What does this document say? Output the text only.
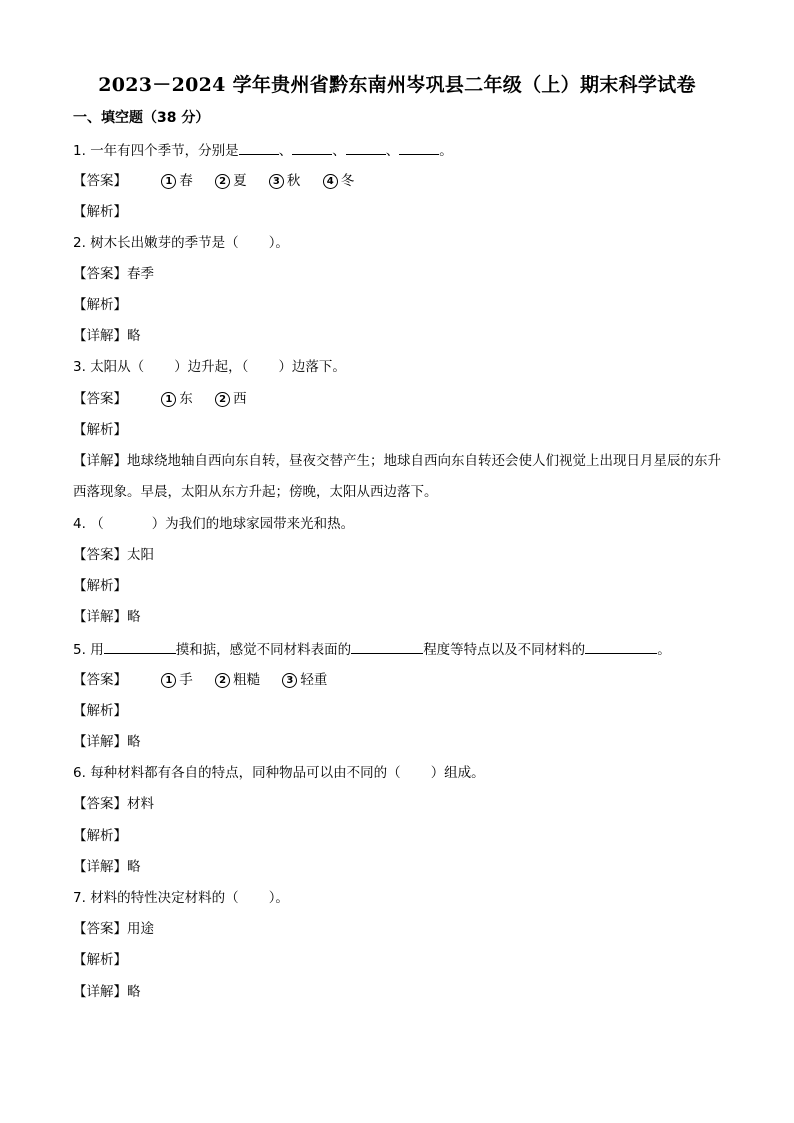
2023－2024 学年贵州省黔东南州岑巩县二年级（上）期末科学试卷
一、填空题（38 分）
1. 一年有四个季节，分别是	、	、	、	。
【答案】	1 春	2 夏	3 秋	4 冬
【解析】
2. 树木长出嫩芽的季节是（ ）。
【答案】春季
【解析】
【详解】略
3. 太阳从（ ）边升起，（ ）边落下。
【答案】	1 东	2 西
【解析】
【详解】地球绕地轴自西向东自转，昼夜交替产生；地球自西向东自转还会使人们视觉上出现日月星辰的东升西落现象。早晨，太阳从东方升起；傍晚，太阳从西边落下。
4. （	）为我们的地球家园带来光和热。
【答案】太阳
【解析】
【详解】略
5. 用	摸和掂，感觉不同材料表面的	程度等特点以及不同材料的	。
【答案】	1 手	2 粗糙	3 轻重
【解析】
【详解】略
6. 每种材料都有各自的特点，同种物品可以由不同的（ ）组成。
【答案】材料
【解析】
【详解】略
7. 材料的特性决定材料的（ ）。
【答案】用途
【解析】
【详解】略
